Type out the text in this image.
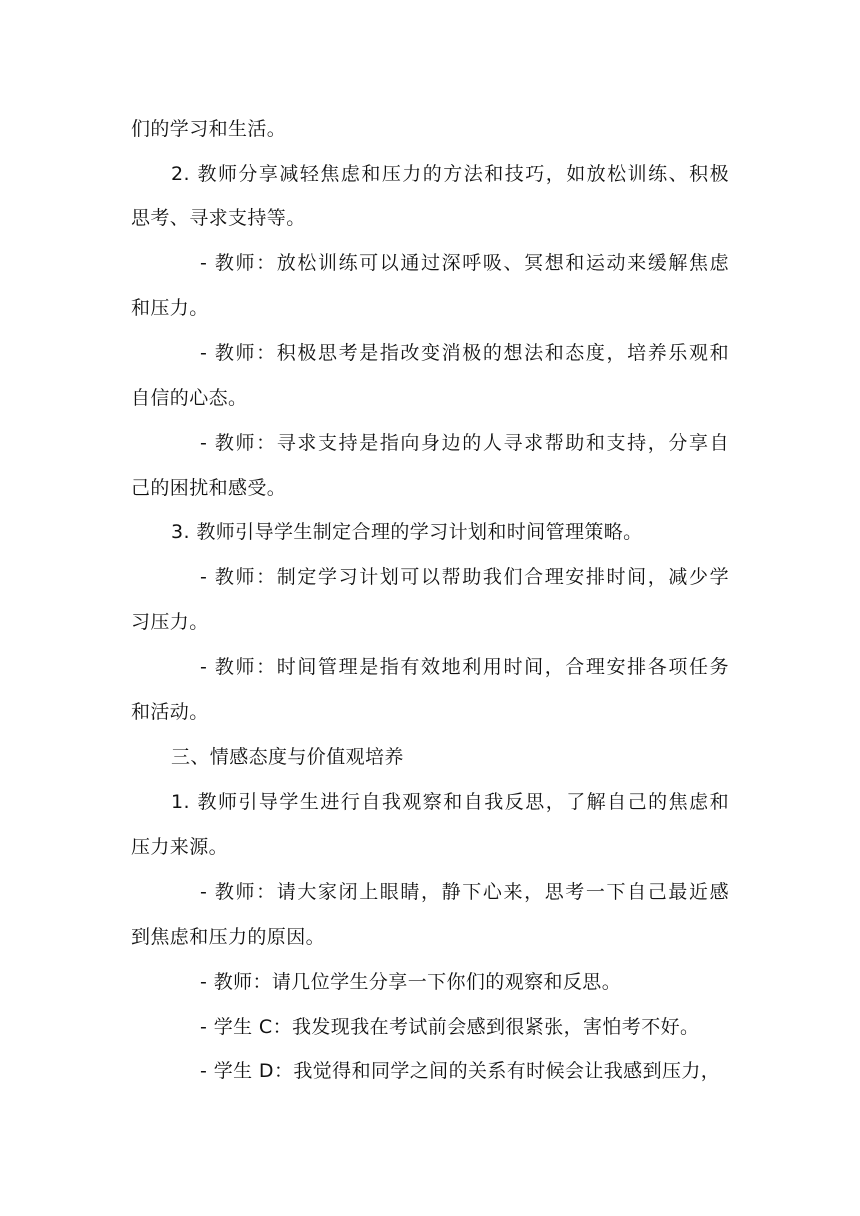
们的学习和生活。
2. 教师分享减轻焦虑和压力的方法和技巧，如放松训练、积极
思考、寻求支持等。
- 教师：放松训练可以通过深呼吸、冥想和运动来缓解焦虑
和压力。
- 教师：积极思考是指改变消极的想法和态度，培养乐观和
自信的心态。
- 教师：寻求支持是指向身边的人寻求帮助和支持，分享自
己的困扰和感受。
3. 教师引导学生制定合理的学习计划和时间管理策略。
- 教师：制定学习计划可以帮助我们合理安排时间，减少学
习压力。
- 教师：时间管理是指有效地利用时间，合理安排各项任务
和活动。
三、情感态度与价值观培养
1. 教师引导学生进行自我观察和自我反思，了解自己的焦虑和
压力来源。
- 教师：请大家闭上眼睛，静下心来，思考一下自己最近感
到焦虑和压力的原因。
- 教师：请几位学生分享一下你们的观察和反思。
- 学生 C：我发现我在考试前会感到很紧张，害怕考不好。
- 学生 D：我觉得和同学之间的关系有时候会让我感到压力，
